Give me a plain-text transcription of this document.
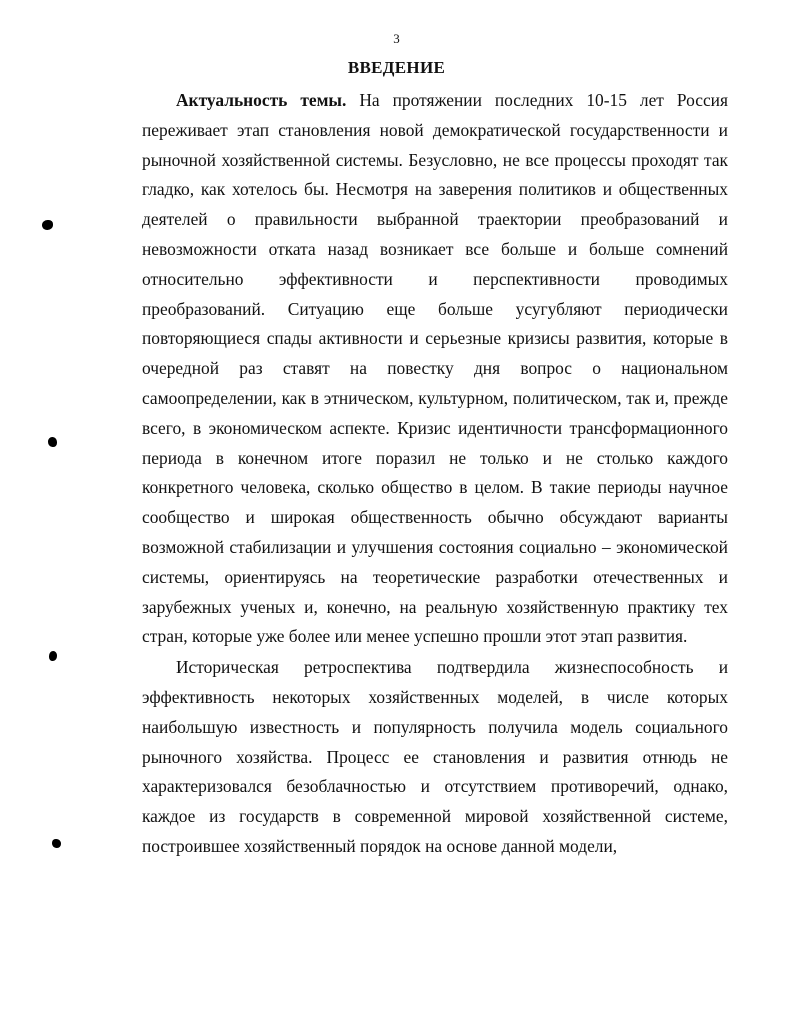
3
ВВЕДЕНИЕ

Актуальность темы. На протяжении последних 10-15 лет Россия переживает этап становления новой демократической государственности и рыночной хозяйственной системы. Безусловно, не все процессы проходят так гладко, как хотелось бы. Несмотря на заверения политиков и общественных деятелей о правильности выбранной траектории преобразований и невозможности отката назад возникает все больше и больше сомнений относительно эффективности и перспективности проводимых преобразований. Ситуацию еще больше усугубляют периодически повторяющиеся спады активности и серьезные кризисы развития, которые в очередной раз ставят на повестку дня вопрос о национальном самоопределении, как в этническом, культурном, политическом, так и, прежде всего, в экономическом аспекте. Кризис идентичности трансформационного периода в конечном итоге поразил не только и не столько каждого конкретного человека, сколько общество в целом. В такие периоды научное сообщество и широкая общественность обычно обсуждают варианты возможной стабилизации и улучшения состояния социально – экономической системы, ориентируясь на теоретические разработки отечественных и зарубежных ученых и, конечно, на реальную хозяйственную практику тех стран, которые уже более или менее успешно прошли этот этап развития.

Историческая ретроспектива подтвердила жизнеспособность и эффективность некоторых хозяйственных моделей, в числе которых наибольшую известность и популярность получила модель социального рыночного хозяйства. Процесс ее становления и развития отнюдь не характеризовался безоблачностью и отсутствием противоречий, однако, каждое из государств в современной мировой хозяйственной системе, построившее хозяйственный порядок на основе данной модели,
